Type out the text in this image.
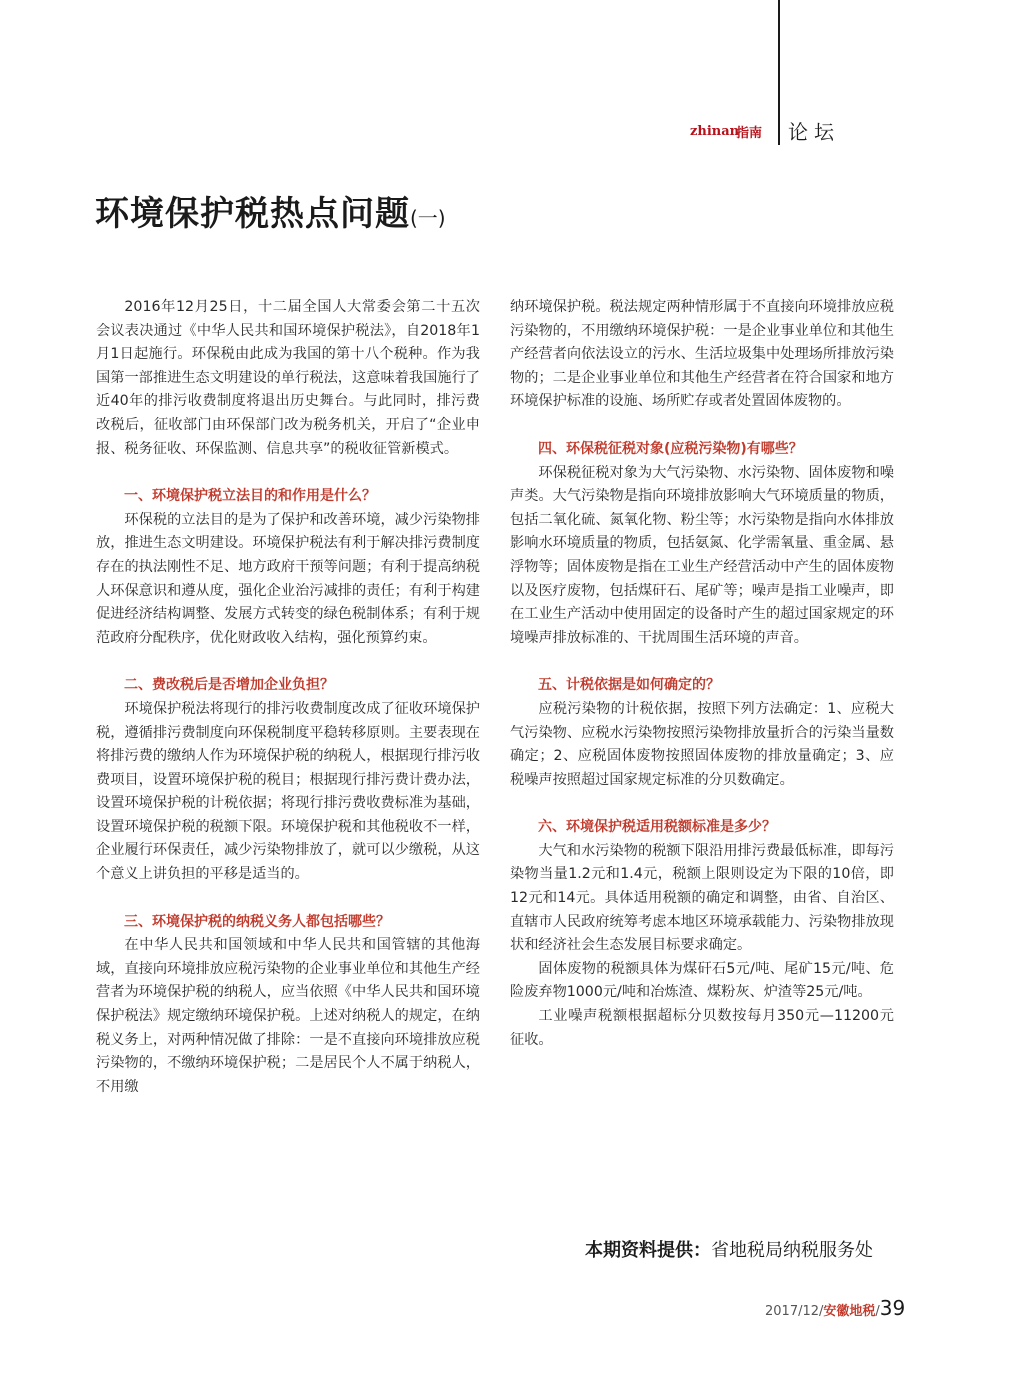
zhinan
指南 论坛
环境保护税热点问题(一)

2016年12月25日，十二届全国人大常委会第二十五次会议表决通过《中华人民共和国环境保护税法》，自2018年1月1日起施行。环保税由此成为我国的第十八个税种。作为我国第一部推进生态文明建设的单行税法，这意味着我国施行了近40年的排污收费制度将退出历史舞台。与此同时，排污费改税后，征收部门由环保部门改为税务机关，开启了“企业申报、税务征收、环保监测、信息共享”的税收征管新模式。

一、环境保护税立法目的和作用是什么？

环保税的立法目的是为了保护和改善环境，减少污染物排放，推进生态文明建设。环境保护税法有利于解决排污费制度存在的执法刚性不足、地方政府干预等问题；有利于提高纳税人环保意识和遵从度，强化企业治污减排的责任；有利于构建促进经济结构调整、发展方式转变的绿色税制体系；有利于规范政府分配秩序，优化财政收入结构，强化预算约束。

二、费改税后是否增加企业负担？

环境保护税法将现行的排污收费制度改成了征收环境保护税，遵循排污费制度向环保税制度平稳转移原则。主要表现在将排污费的缴纳人作为环境保护税的纳税人，根据现行排污收费项目，设置环境保护税的税目；根据现行排污费计费办法，设置环境保护税的计税依据；将现行排污费收费标准为基础，设置环境保护税的税额下限。环境保护税和其他税收不一样，企业履行环保责任，减少污染物排放了，就可以少缴税，从这个意义上讲负担的平移是适当的。

三、环境保护税的纳税义务人都包括哪些？

在中华人民共和国领域和中华人民共和国管辖的其他海域，直接向环境排放应税污染物的企业事业单位和其他生产经营者为环境保护税的纳税人，应当依照《中华人民共和国环境保护税法》规定缴纳环境保护税。上述对纳税人的规定，在纳税义务上，对两种情况做了排除：一是不直接向环境排放应税污染物的，不缴纳环境保护税；二是居民个人不属于纳税人，不用缴

纳环境保护税。税法规定两种情形属于不直接向环境排放应税污染物的，不用缴纳环境保护税：一是企业事业单位和其他生产经营者向依法设立的污水、生活垃圾集中处理场所排放污染物的；二是企业事业单位和其他生产经营者在符合国家和地方环境保护标准的设施、场所贮存或者处置固体废物的。

四、环保税征税对象(应税污染物)有哪些？

环保税征税对象为大气污染物、水污染物、固体废物和噪声类。大气污染物是指向环境排放影响大气环境质量的物质，包括二氧化硫、氮氧化物、粉尘等；水污染物是指向水体排放影响水环境质量的物质，包括氨氮、化学需氧量、重金属、悬浮物等；固体废物是指在工业生产经营活动中产生的固体废物以及医疗废物，包括煤矸石、尾矿等；噪声是指工业噪声，即在工业生产活动中使用固定的设备时产生的超过国家规定的环境噪声排放标准的、干扰周围生活环境的声音。

五、计税依据是如何确定的？

应税污染物的计税依据，按照下列方法确定：1、应税大气污染物、应税水污染物按照污染物排放量折合的污染当量数确定；2、应税固体废物按照固体废物的排放量确定；3、应税噪声按照超过国家规定标准的分贝数确定。

六、环境保护税适用税额标准是多少？

大气和水污染物的税额下限沿用排污费最低标准，即每污染物当量1.2元和1.4元，税额上限则设定为下限的10倍，即12元和14元。具体适用税额的确定和调整，由省、自治区、直辖市人民政府统筹考虑本地区环境承载能力、污染物排放现状和经济社会生态发展目标要求确定。

固体废物的税额具体为煤矸石5元/吨、尾矿15元/吨、危险废弃物1000元/吨和冶炼渣、煤粉灰、炉渣等25元/吨。

工业噪声税额根据超标分贝数按每月350元—11200元征收。

本期资料提供：省地税局纳税服务处
2017/12/安徽地税/39
